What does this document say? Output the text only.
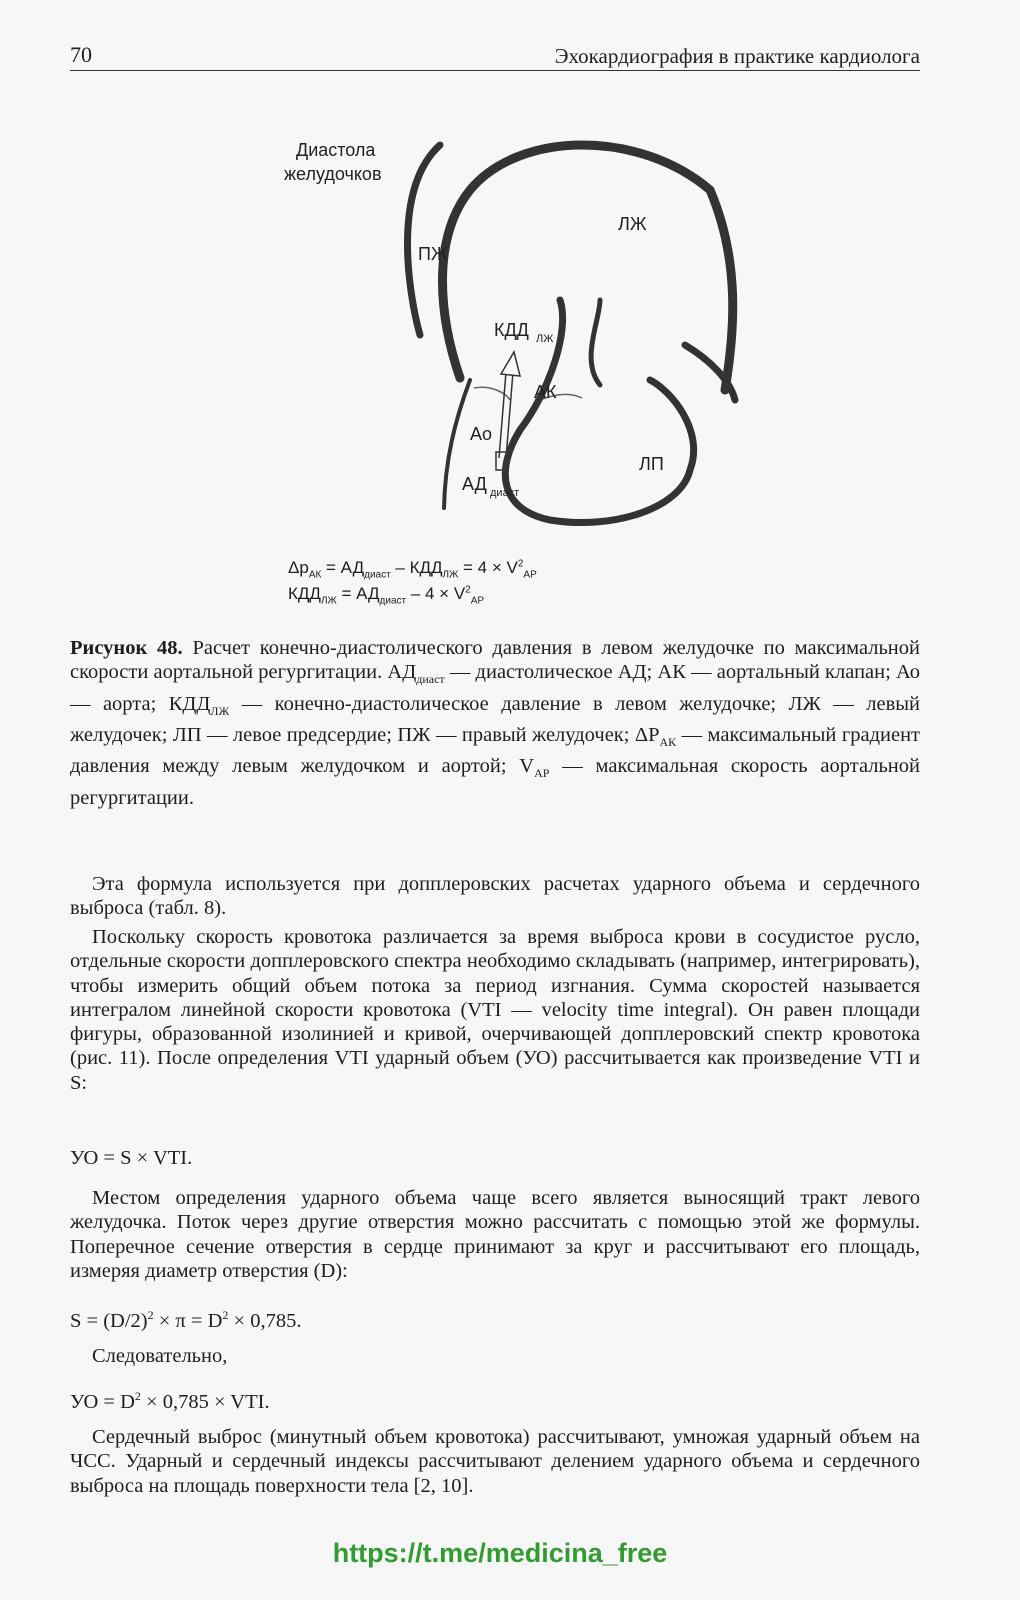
70	Эхокардиография в практике кардиолога
Диастола
желудочков
ПЖ
ЛЖ
КДД ЛЖ
АК
Ао
ЛП
АД диаст
$\Delta p_{АК} = АД_{диаст} - КДД_{ЛЖ} = 4 \times V^2_{АР}$
$КДД_{ЛЖ} = АД_{диаст} - 4 \times V^2_{АР}$
Рисунок 48. Расчет конечно-диастолического давления в левом желудочке по максимальной скорости аортальной регургитации. $АД_{диаст}$ — диастолическое АД; АК — аортальный клапан; Ао — аорта; $КДД_{ЛЖ}$ — конечно-диастолическое давление в левом желудочке; ЛЖ — левый желудочек; ЛП — левое предсердие; ПЖ — правый желудочек; $\Delta P_{АК}$ — максимальный градиент давления между левым желудочком и аортой; $V_{АР}$ — максимальная скорость аортальной регургитации.

Эта формула используется при допплеровских расчетах ударного объема и сердечного выброса (табл. 8).

Поскольку скорость кровотока различается за время выброса крови в сосудистое русло, отдельные скорости допплеровского спектра необходимо складывать (например, интегрировать), чтобы измерить общий объем потока за период изгнания. Сумма скоростей называется интегралом линейной скорости кровотока (VTI — velocity time integral). Он равен площади фигуры, образованной изолинией и кривой, очерчивающей допплеровский спектр кровотока (рис. 11). После определения VTI ударный объем (УО) рассчитывается как произведение VTI и S:

УО = S × VTI.

Местом определения ударного объема чаще всего является выносящий тракт левого желудочка. Поток через другие отверстия можно рассчитать с помощью этой же формулы. Поперечное сечение отверстия в сердце принимают за круг и рассчитывают его площадь, измеряя диаметр отверстия (D):

$S = (D/2)^2 \times \pi = D^2 \times 0,785$.

Следовательно,

УО = $D^2 \times 0,785$ × VTI.

Сердечный выброс (минутный объем кровотока) рассчитывают, умножая ударный объем на ЧСС. Ударный и сердечный индексы рассчитывают делением ударного объема и сердечного выброса на площадь поверхности тела [2, 10].

https://t.me/medicina_free
